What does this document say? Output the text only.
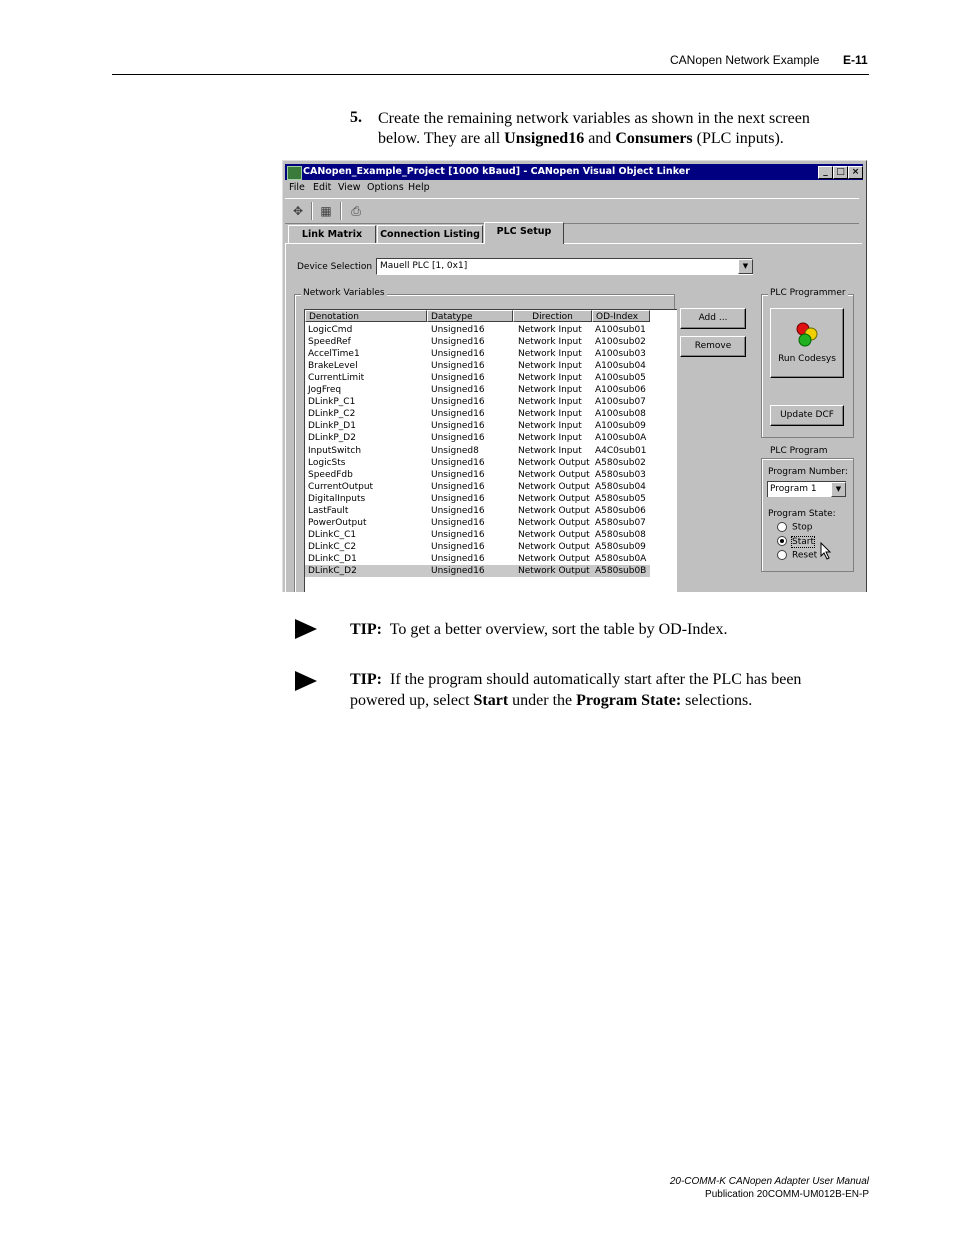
CANopen Network Example E-11
5. Create the remaining network variables as shown in the next screen below. They are all Unsigned16 and Consumers (PLC inputs).
CANopen_Example_Project [1000 kBaud] - CANopen Visual Object Linker	_ □ ×
File Edit View Options Help
✥	▦	⎙
Link Matrix	Connection Listing	PLC Setup
Device Selection Mauell PLC [1, 0x1]	▼
Network Variables
Denotation	Datatype	Direction	OD-Index
LogicCmd	Unsigned16	Network Input A100sub01
SpeedRef	Unsigned16	Network Input A100sub02
AccelTime1	Unsigned16	Network Input A100sub03
BrakeLevel	Unsigned16	Network Input A100sub04
CurrentLimit	Unsigned16	Network Input A100sub05
JogFreq	Unsigned16	Network Input A100sub06
DLinkP_C1	Unsigned16	Network Input A100sub07
DLinkP_C2	Unsigned16	Network Input A100sub08
DLinkP_D1	Unsigned16	Network Input A100sub09
DLinkP_D2	Unsigned16	Network Input A100sub0A
InputSwitch	Unsigned8	Network Input A4C0sub01
LogicSts	Unsigned16	Network Output A580sub02
SpeedFdb	Unsigned16	Network Output A580sub03
CurrentOutput	Unsigned16	Network Output A580sub04
DigitalInputs	Unsigned16	Network Output A580sub05
LastFault	Unsigned16	Network Output A580sub06
PowerOutput	Unsigned16	Network Output A580sub07
DLinkC_C1	Unsigned16	Network Output A580sub08
DLinkC_C2	Unsigned16	Network Output A580sub09
DLinkC_D1	Unsigned16	Network Output A580sub0A
DLinkC_D2	Unsigned16	Network Output A580sub0B
Add ...
Remove
PLC Programmer
Run Codesys
Update DCF
PLC Program
Program Number:
Program 1	▼
Program State:
Stop
Start
Reset
TIP: To get a better overview, sort the table by OD-Index.
TIP: If the program should automatically start after the PLC has been powered up, select Start under the Program State: selections.
20-COMM-K CANopen Adapter User Manual
Publication 20COMM-UM012B-EN-P
